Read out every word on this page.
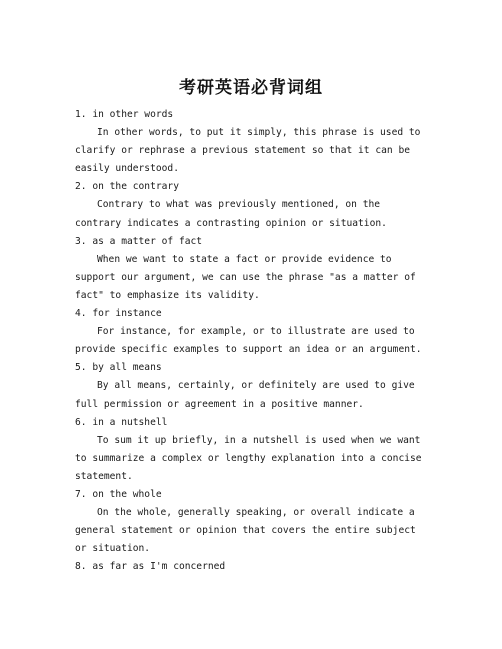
考研英语必背词组
1. in other words
In other words, to put it simply, this phrase is used to
clarify or rephrase a previous statement so that it can be
easily understood.
2. on the contrary
Contrary to what was previously mentioned, on the
contrary indicates a contrasting opinion or situation.
3. as a matter of fact
When we want to state a fact or provide evidence to
support our argument, we can use the phrase "as a matter of
fact" to emphasize its validity.
4. for instance
For instance, for example, or to illustrate are used to
provide specific examples to support an idea or an argument.
5. by all means
By all means, certainly, or definitely are used to give
full permission or agreement in a positive manner.
6. in a nutshell
To sum it up briefly, in a nutshell is used when we want
to summarize a complex or lengthy explanation into a concise
statement.
7. on the whole
On the whole, generally speaking, or overall indicate a
general statement or opinion that covers the entire subject
or situation.
8. as far as I'm concerned
